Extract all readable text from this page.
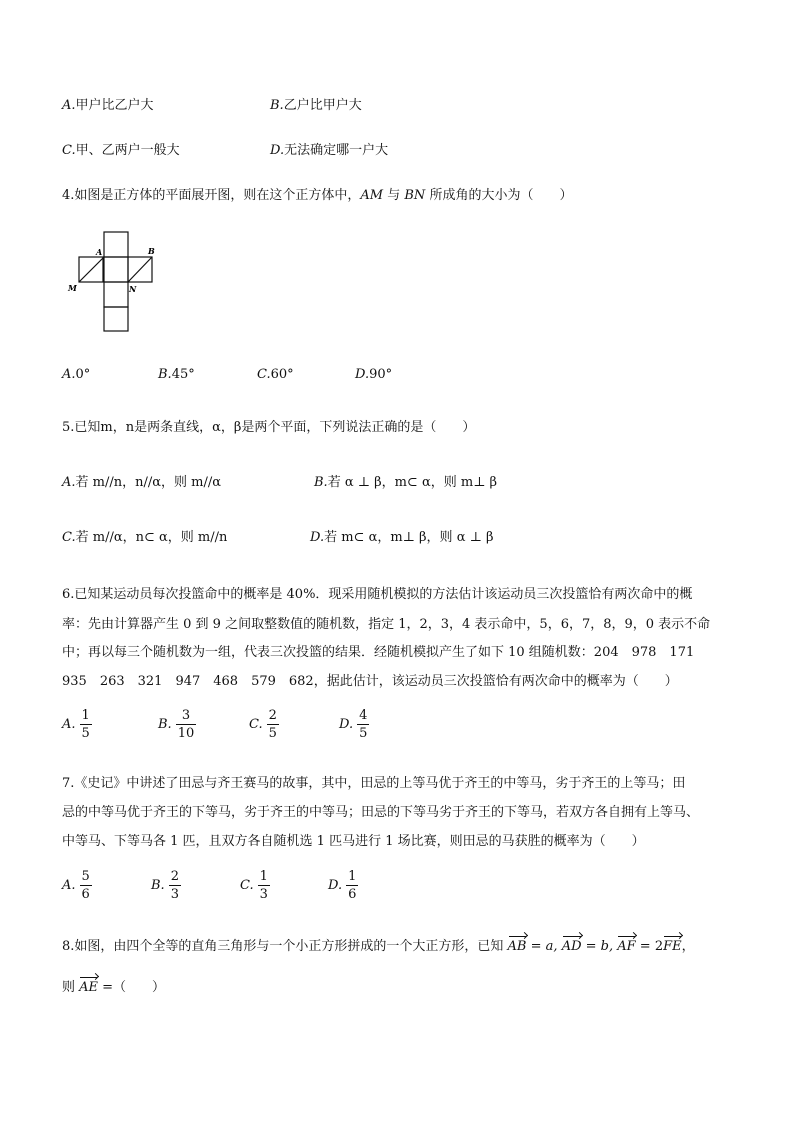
A.甲户比乙户大	B.乙户比甲户大
C.甲、乙两户一般大	D.无法确定哪一户大
4.如图是正方体的平面展开图，则在这个正方体中，AM 与 BN 所成角的大小为（　　）
A	B
M	N
A.0°	B.45°	C.60°	D.90°
5.已知m，n是两条直线，α，β是两个平面，下列说法正确的是（　　）
A.若 m//n，n//α，则 m//α	B.若 α ⊥ β，m⊂ α，则 m⊥ β
C.若 m//α，n⊂ α，则 m//n	D.若 m⊂ α，m⊥ β，则 α ⊥ β
6.已知某运动员每次投篮命中的概率是 40%．现采用随机模拟的方法估计该运动员三次投篮恰有两次命中的概
率：先由计算器产生 0 到 9 之间取整数值的随机数，指定 1，2，3，4 表示命中，5，6，7，8，9，0 表示不命
中；再以每三个随机数为一组，代表三次投篮的结果．经随机模拟产生了如下 10 组随机数：204　978　171
935　263　321　947　468　579　682，据此估计，该运动员三次投篮恰有两次命中的概率为（　　）
A. $\frac{1}{5}$	B. $\frac{3}{10}$	C. $\frac{2}{5}$	D. $\frac{4}{5}$
7.《史记》中讲述了田忌与齐王赛马的故事，其中，田忌的上等马优于齐王的中等马，劣于齐王的上等马；田
忌的中等马优于齐王的下等马，劣于齐王的中等马；田忌的下等马劣于齐王的下等马，若双方各自拥有上等马、
中等马、下等马各 1 匹，且双方各自随机选 1 匹马进行 1 场比赛，则田忌的马获胜的概率为（　　）
A. $\frac{5}{6}$	B. $\frac{2}{3}$	C. $\frac{1}{3}$	D. $\frac{1}{6}$
8.如图，由四个全等的直角三角形与一个小正方形拼成的一个大正方形，已知 AB = a, AD = b, AF = 2FE，
则 AE =（　　）
